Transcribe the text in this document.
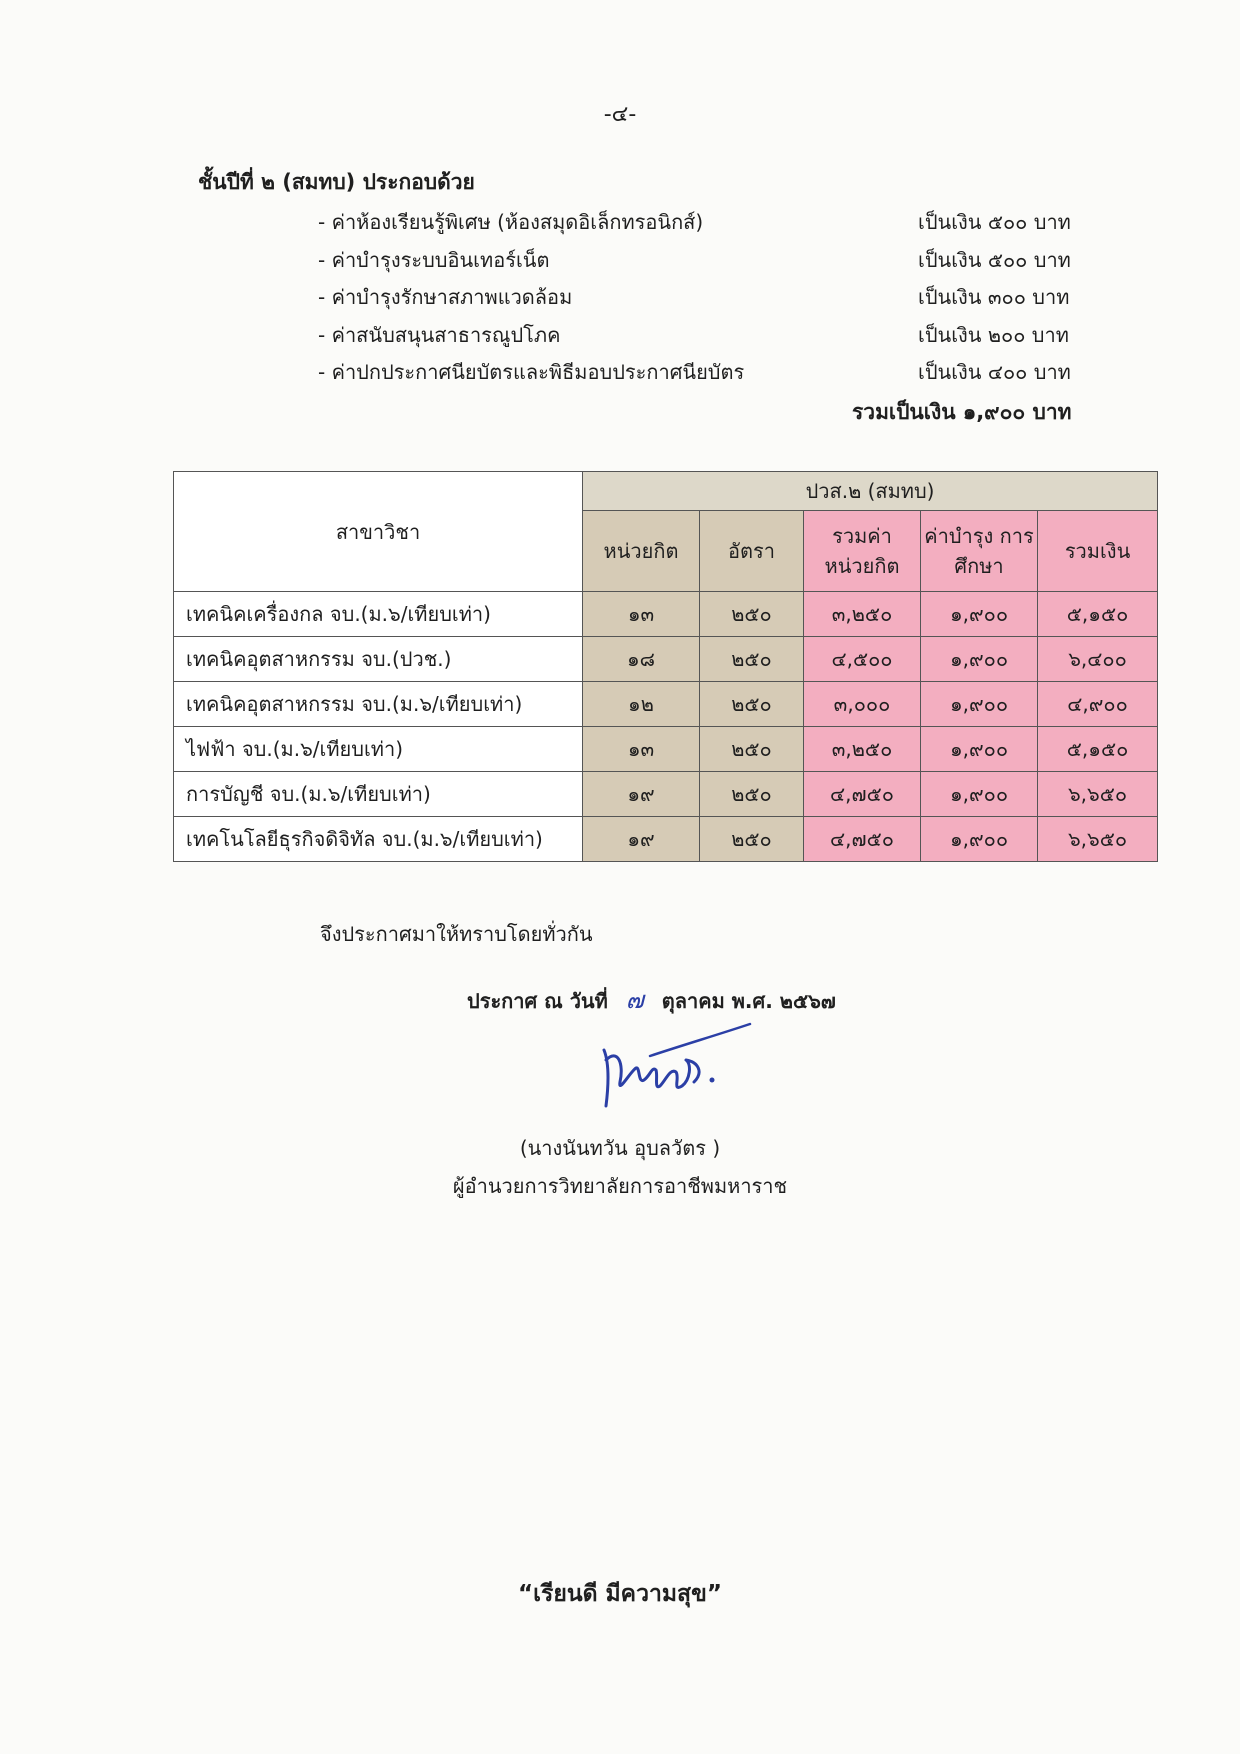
-๔-
ชั้นปีที่ ๒ (สมทบ) ประกอบด้วย
- ค่าห้องเรียนรู้พิเศษ (ห้องสมุดอิเล็กทรอนิกส์)	เป็นเงิน ๕๐๐ บาท
- ค่าบำรุงระบบอินเทอร์เน็ต	เป็นเงิน ๕๐๐ บาท
- ค่าบำรุงรักษาสภาพแวดล้อม	เป็นเงิน ๓๐๐ บาท
- ค่าสนับสนุนสาธารณูปโภค	เป็นเงิน ๒๐๐ บาท
- ค่าปกประกาศนียบัตรและพิธีมอบประกาศนียบัตร	เป็นเงิน ๔๐๐ บาท
รวมเป็นเงิน ๑,๙๐๐ บาท
สาขาวิชา	ปวส.๒ (สมทบ)				
	หน่วยกิต	อัตรา	รวมค่า หน่วยกิต	ค่าบำรุง การศึกษา	รวมเงิน
เทคนิคเครื่องกล จบ.(ม.๖/เทียบเท่า)	๑๓	๒๕๐	๓,๒๕๐	๑,๙๐๐	๕,๑๕๐
เทคนิคอุตสาหกรรม จบ.(ปวช.)	๑๘	๒๕๐	๔,๕๐๐	๑,๙๐๐	๖,๔๐๐
เทคนิคอุตสาหกรรม จบ.(ม.๖/เทียบเท่า)	๑๒	๒๕๐	๓,๐๐๐	๑,๙๐๐	๔,๙๐๐
ไฟฟ้า จบ.(ม.๖/เทียบเท่า)	๑๓	๒๕๐	๓,๒๕๐	๑,๙๐๐	๕,๑๕๐
การบัญชี จบ.(ม.๖/เทียบเท่า)	๑๙	๒๕๐	๔,๗๕๐	๑,๙๐๐	๖,๖๕๐
เทคโนโลยีธุรกิจดิจิทัล จบ.(ม.๖/เทียบเท่า)	๑๙	๒๕๐	๔,๗๕๐	๑,๙๐๐	๖,๖๕๐
จึงประกาศมาให้ทราบโดยทั่วกัน
ประกาศ ณ วันที่ ๗ ตุลาคม พ.ศ. ๒๕๖๗
(นางนันทวัน อุบลวัตร )
ผู้อำนวยการวิทยาลัยการอาชีพมหาราช
“เรียนดี มีความสุข”
